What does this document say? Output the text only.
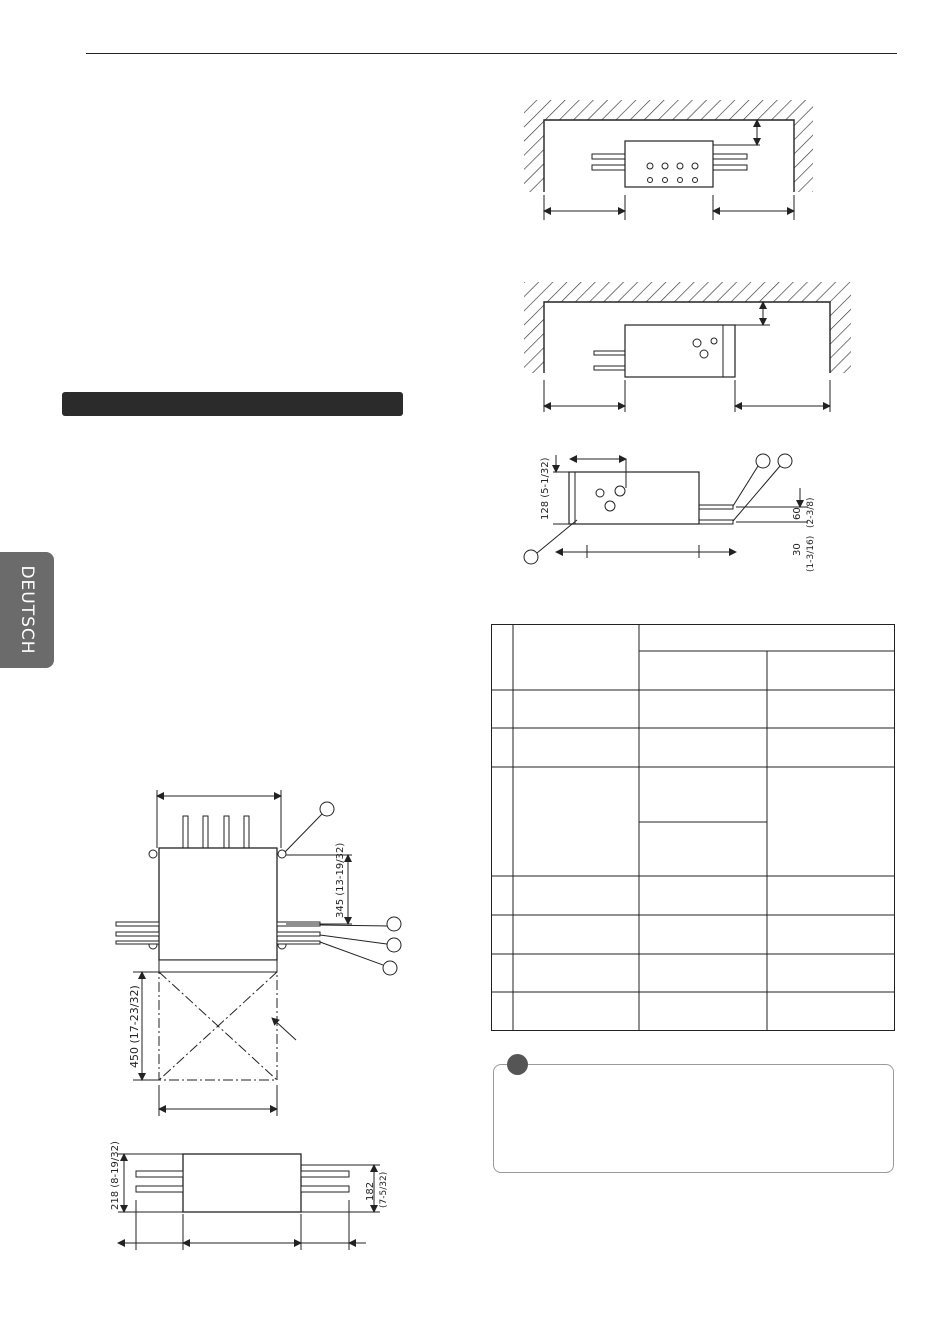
DEUTSCH
128 (5-1/32)	60 (2-3/8)
30 (1-3/16)
345 (13-19/32)
450 (17-23/32)
218 (8-19/32)	182 (7-5/32)
